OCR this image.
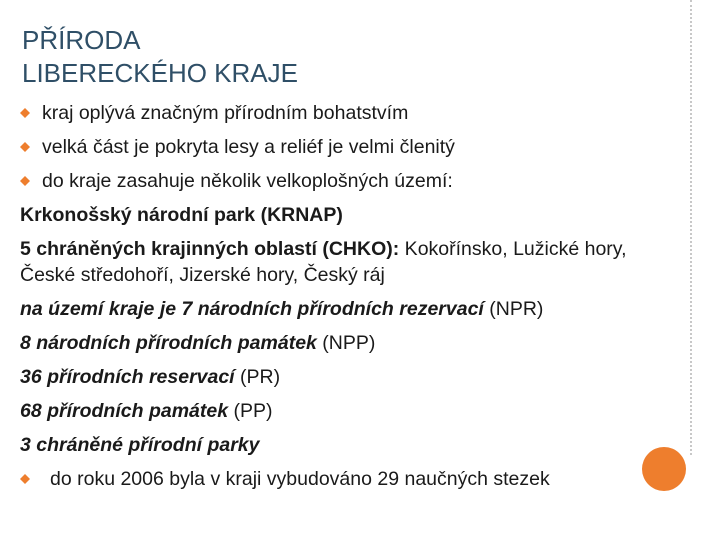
PŘÍRODA
LIBERECKÉHO KRAJE
kraj oplývá značným přírodním bohatstvím
velká část je pokryta lesy a reliéf je velmi členitý
do kraje zasahuje několik velkoplošných území:
Krkonošský národní park (KRNAP)
5 chráněných krajinných oblastí (CHKO): Kokořínsko, Lužické hory, České středohoří, Jizerské hory, Český ráj
na území kraje je 7 národních přírodních rezervací (NPR)
8 národních přírodních památek (NPP)
36 přírodních reservací (PR)
68 přírodních památek (PP)
3 chráněné přírodní parky
do roku 2006 byla v kraji vybudováno 29 naučných stezek
